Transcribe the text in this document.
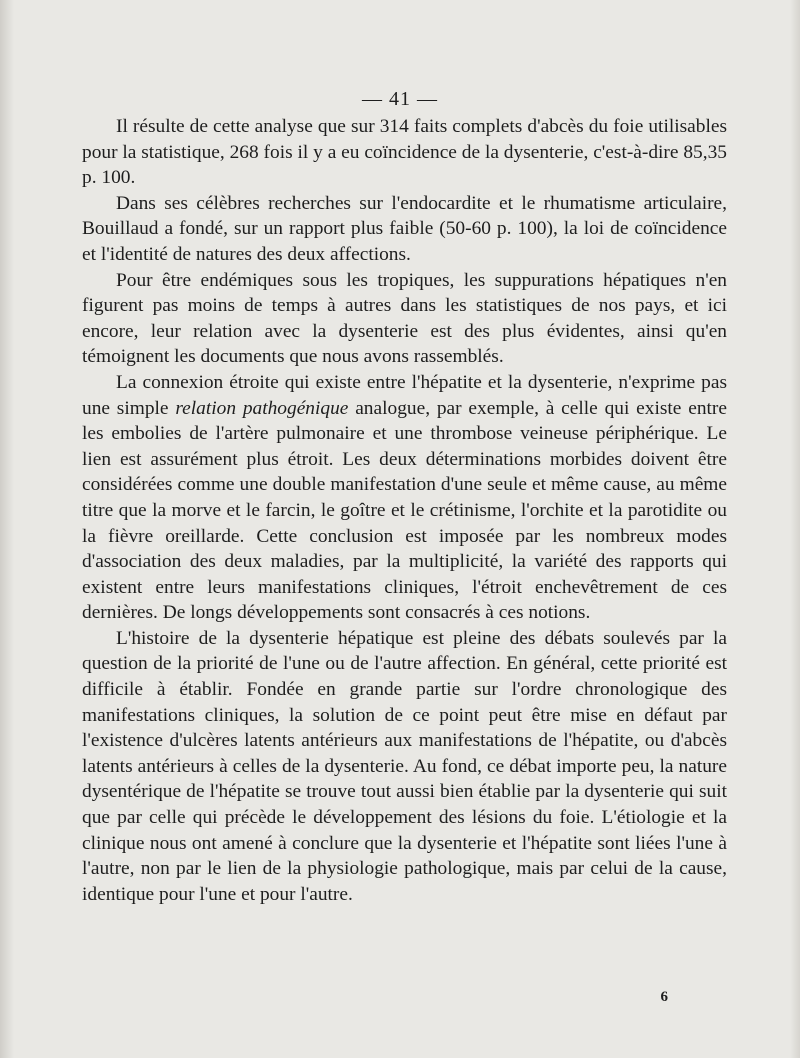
— 41 —

Il résulte de cette analyse que sur 314 faits complets d'abcès du foie utilisables pour la statistique, 268 fois il y a eu coïncidence de la dysenterie, c'est-à-dire 85,35 p. 100.

Dans ses célèbres recherches sur l'endocardite et le rhumatisme articulaire, Bouillaud a fondé, sur un rapport plus faible (50-60 p. 100), la loi de coïncidence et l'identité de natures des deux affections.

Pour être endémiques sous les tropiques, les suppurations hépatiques n'en figurent pas moins de temps à autres dans les statistiques de nos pays, et ici encore, leur relation avec la dysenterie est des plus évidentes, ainsi qu'en témoignent les documents que nous avons rassemblés.

La connexion étroite qui existe entre l'hépatite et la dysenterie, n'exprime pas une simple relation pathogénique analogue, par exemple, à celle qui existe entre les embolies de l'artère pulmonaire et une thrombose veineuse périphérique. Le lien est assurément plus étroit. Les deux déterminations morbides doivent être considérées comme une double manifestation d'une seule et même cause, au même titre que la morve et le farcin, le goître et le crétinisme, l'orchite et la parotidite ou la fièvre oreillarde. Cette conclusion est imposée par les nombreux modes d'association des deux maladies, par la multiplicité, la variété des rapports qui existent entre leurs manifestations cliniques, l'étroit enchevêtrement de ces dernières. De longs développements sont consacrés à ces notions.

L'histoire de la dysenterie hépatique est pleine des débats soulevés par la question de la priorité de l'une ou de l'autre affection. En général, cette priorité est difficile à établir. Fondée en grande partie sur l'ordre chronologique des manifestations cliniques, la solution de ce point peut être mise en défaut par l'existence d'ulcères latents antérieurs aux manifestations de l'hépatite, ou d'abcès latents antérieurs à celles de la dysenterie. Au fond, ce débat importe peu, la nature dysentérique de l'hépatite se trouve tout aussi bien établie par la dysenterie qui suit que par celle qui précède le développement des lésions du foie. L'étiologie et la clinique nous ont amené à conclure que la dysenterie et l'hépatite sont liées l'une à l'autre, non par le lien de la physiologie pathologique, mais par celui de la cause, identique pour l'une et pour l'autre.

6
